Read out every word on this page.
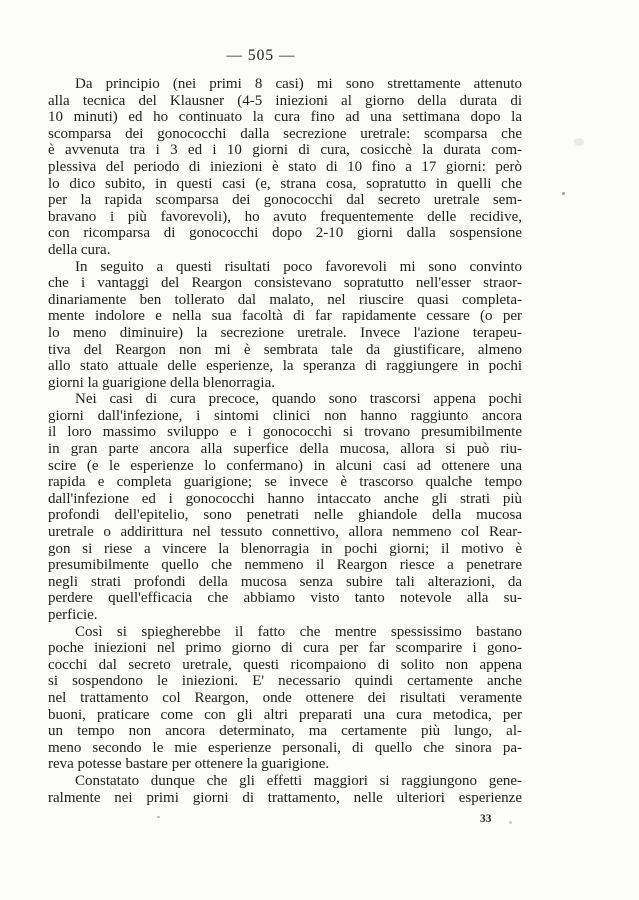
— 505 —
Da principio (nei primi 8 casi) mi sono strettamente attenuto
alla tecnica del Klausner (4-5 iniezioni al giorno della durata di
10 minuti) ed ho continuato la cura fino ad una settimana dopo la
scomparsa dei gonococchi dalla secrezione uretrale: scomparsa che
è avvenuta tra i 3 ed i 10 giorni di cura, cosicchè la durata com-
plessiva del periodo di iniezioni è stato di 10 fino a 17 giorni: però
lo dico subito, in questi casi (e, strana cosa, sopratutto in quelli che
per la rapida scomparsa dei gonococchi dal secreto uretrale sem-
bravano i più favorevoli), ho avuto frequentemente delle recidive,
con ricomparsa di gonococchi dopo 2-10 giorni dalla sospensione
della cura.
In seguito a questi risultati poco favorevoli mi sono convinto
che i vantaggi del Reargon consistevano sopratutto nell'esser straor-
dinariamente ben tollerato dal malato, nel riuscire quasi completa-
mente indolore e nella sua facoltà di far rapidamente cessare (o per
lo meno diminuire) la secrezione uretrale. Invece l'azione terapeu-
tiva del Reargon non mi è sembrata tale da giustificare, almeno
allo stato attuale delle esperienze, la speranza di raggiungere in pochi
giorni la guarigione della blenorragia.
Nei casi di cura precoce, quando sono trascorsi appena pochi
giorni dall'infezione, i sintomi clinici non hanno raggiunto ancora
il loro massimo sviluppo e i gonococchi si trovano presumibilmente
in gran parte ancora alla superfice della mucosa, allora si può riu-
scire (e le esperienze lo confermano) in alcuni casi ad ottenere una
rapida e completa guarigione; se invece è trascorso qualche tempo
dall'infezione ed i gonococchi hanno intaccato anche gli strati più
profondi dell'epitelio, sono penetrati nelle ghiandole della mucosa
uretrale o addirittura nel tessuto connettivo, allora nemmeno col Rear-
gon si riese a vincere la blenorragia in pochi giorni; il motivo è
presumibilmente quello che nemmeno il Reargon riesce a penetrare
negli strati profondi della mucosa senza subire tali alterazioni, da
perdere quell'efficacia che abbiamo visto tanto notevole alla su-
perficie.
Così si spiegherebbe il fatto che mentre spessissimo bastano
poche iniezioni nel primo giorno di cura per far scomparire i gono-
cocchi dal secreto uretrale, questi ricompaiono di solito non appena
si sospendono le iniezioni. E' necessario quindi certamente anche
nel trattamento col Reargon, onde ottenere dei risultati veramente
buoni, praticare come con gli altri preparati una cura metodica, per
un tempo non ancora determinato, ma certamente più lungo, al-
meno secondo le mie esperienze personali, di quello che sinora pa-
reva potesse bastare per ottenere la guarigione.
Constatato dunque che gli effetti maggiori si raggiungono gene-
ralmente nei primi giorni di trattamento, nelle ulteriori esperienze
33
